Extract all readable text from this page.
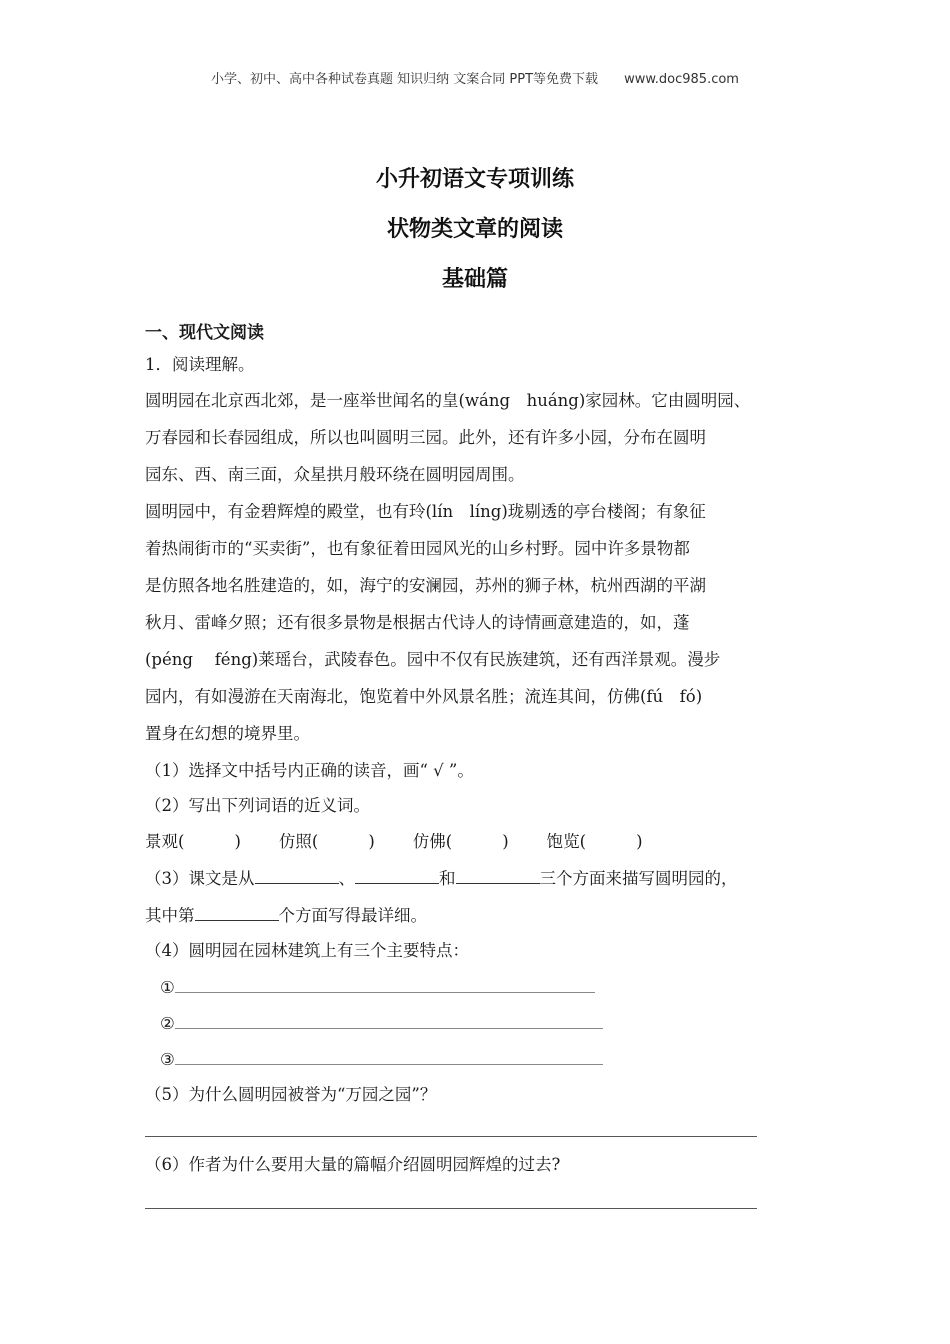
小学、初中、高中各种试卷真题 知识归纳 文案合同 PPT等免费下载 www.doc985.com
小升初语文专项训练
状物类文章的阅读
基础篇
一、现代文阅读
1．阅读理解。
圆明园在北京西北郊，是一座举世闻名的皇(wáng　huáng)家园林。它由圆明园、
万春园和长春园组成，所以也叫圆明三园。此外，还有许多小园，分布在圆明
园东、西、南三面，众星拱月般环绕在圆明园周围。
圆明园中，有金碧辉煌的殿堂，也有玲(lín　líng)珑剔透的亭台楼阁；有象征
着热闹街市的“买卖街”，也有象征着田园风光的山乡村野。园中许多景物都
是仿照各地名胜建造的，如，海宁的安澜园，苏州的狮子林，杭州西湖的平湖
秋月、雷峰夕照；还有很多景物是根据古代诗人的诗情画意建造的，如，蓬
(péng　 féng)莱瑶台，武陵春色。园中不仅有民族建筑，还有西洋景观。漫步
园内，有如漫游在天南海北，饱览着中外风景名胜；流连其间，仿佛(fú　fó)
置身在幻想的境界里。
（1）选择文中括号内正确的读音，画“ √ ”。
（2）写出下列词语的近义词。
景观(	) 仿照(	) 仿佛(	) 饱览(	)
（3）课文是从	、	和	三个方面来描写圆明园的，
其中第	个方面写得最详细。
（4）圆明园在园林建筑上有三个主要特点：
①
②
③
（5）为什么圆明园被誉为“万园之园”？
（6）作者为什么要用大量的篇幅介绍圆明园辉煌的过去?
